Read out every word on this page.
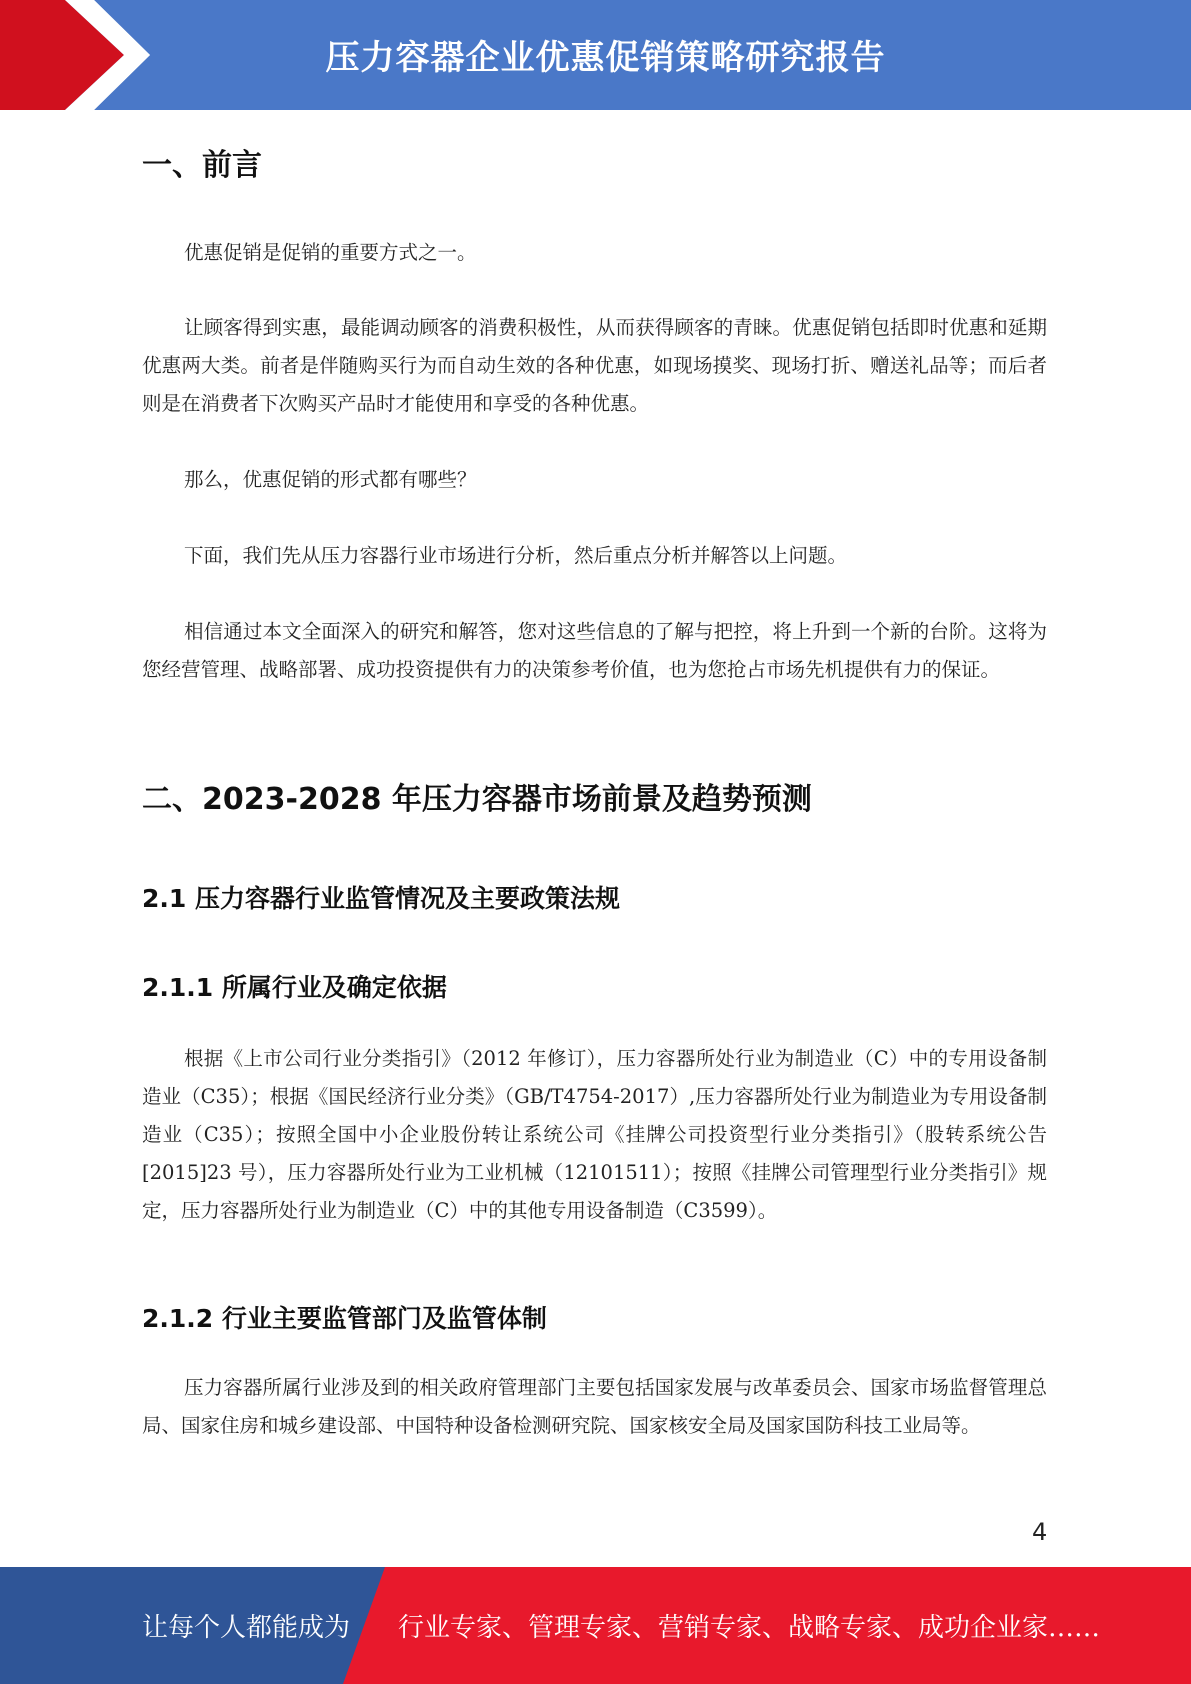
压力容器企业优惠促销策略研究报告
一、前言
优惠促销是促销的重要方式之一。
让顾客得到实惠，最能调动顾客的消费积极性，从而获得顾客的青睐。优惠促销包括即时优惠和延期优惠两大类。前者是伴随购买行为而自动生效的各种优惠，如现场摸奖、现场打折、赠送礼品等；而后者则是在消费者下次购买产品时才能使用和享受的各种优惠。
那么，优惠促销的形式都有哪些？
下面，我们先从压力容器行业市场进行分析，然后重点分析并解答以上问题。
相信通过本文全面深入的研究和解答，您对这些信息的了解与把控，将上升到一个新的台阶。这将为您经营管理、战略部署、成功投资提供有力的决策参考价值，也为您抢占市场先机提供有力的保证。
二、2023-2028 年压力容器市场前景及趋势预测
2.1 压力容器行业监管情况及主要政策法规
2.1.1 所属行业及确定依据
根据《上市公司行业分类指引》（2012 年修订），压力容器所处行业为制造业（C）中的专用设备制造业（C35）；根据《国民经济行业分类》（GB/T4754-2017）,压力容器所处行业为制造业为专用设备制造业（C35）；按照全国中小企业股份转让系统公司《挂牌公司投资型行业分类指引》（股转系统公告[2015]23 号），压力容器所处行业为工业机械（12101511）；按照《挂牌公司管理型行业分类指引》规定，压力容器所处行业为制造业（C）中的其他专用设备制造（C3599）。
2.1.2 行业主要监管部门及监管体制
压力容器所属行业涉及到的相关政府管理部门主要包括国家发展与改革委员会、国家市场监督管理总局、国家住房和城乡建设部、中国特种设备检测研究院、国家核安全局及国家国防科技工业局等。
4
让每个人都能成为 行业专家、管理专家、营销专家、战略专家、成功企业家……
